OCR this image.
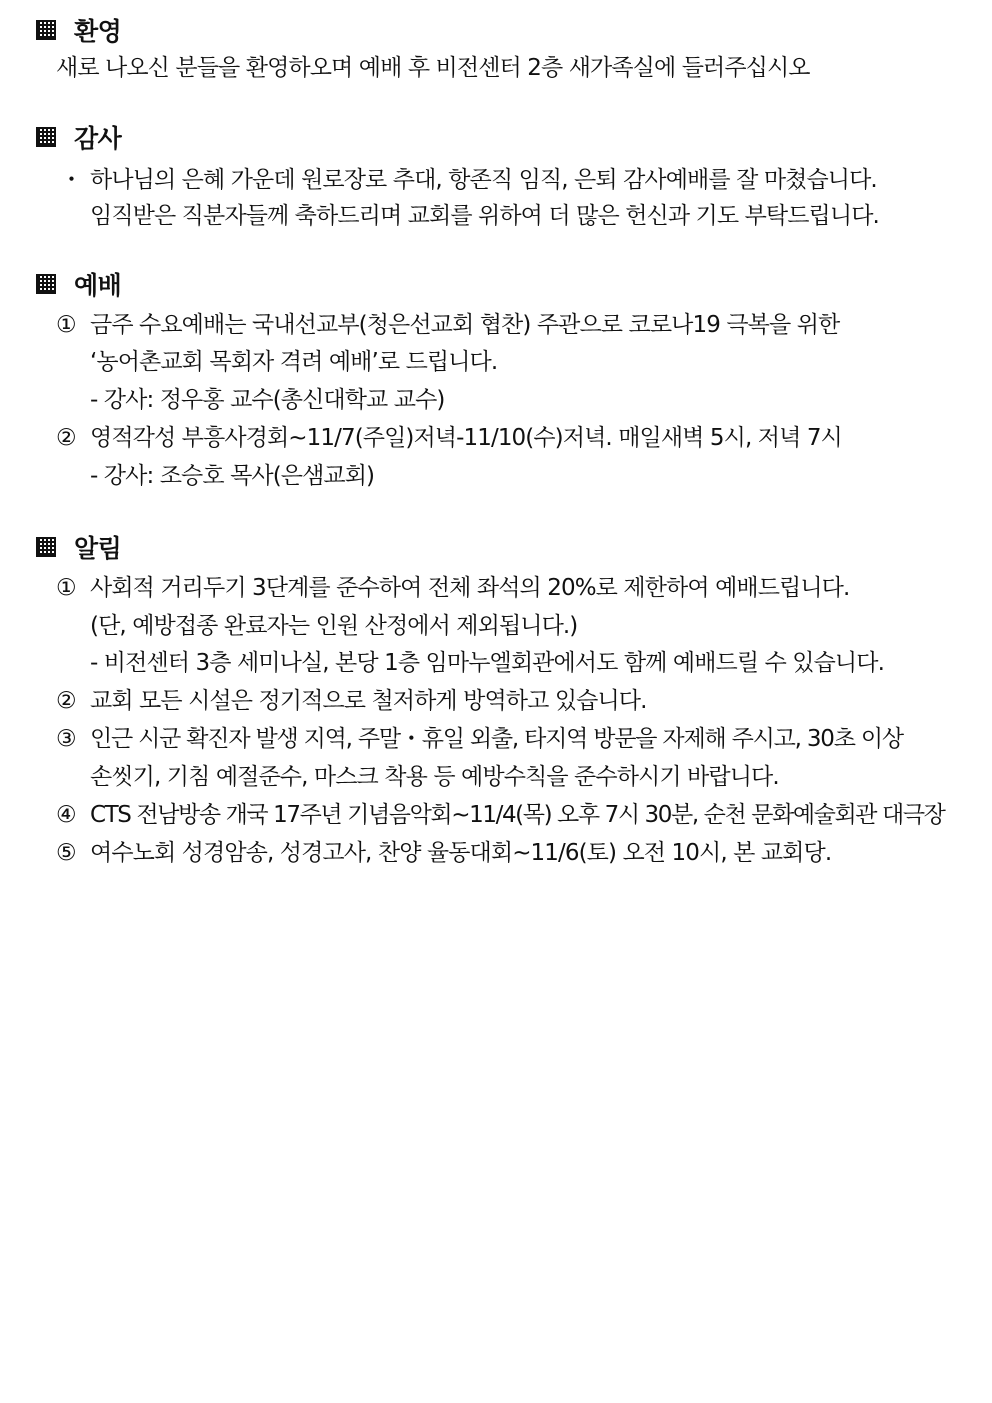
환영
새로 나오신 분들을 환영하오며 예배 후 비전센터 2층 새가족실에 들러주십시오
감사
・ 하나님의 은혜 가운데 원로장로 추대, 항존직 임직, 은퇴 감사예배를 잘 마쳤습니다.
임직받은 직분자들께 축하드리며 교회를 위하여 더 많은 헌신과 기도 부탁드립니다.
예배
① 금주 수요예배는 국내선교부(청은선교회 협찬) 주관으로 코로나19 극복을 위한
‘농어촌교회 목회자 격려 예배’로 드립니다.
- 강사: 정우홍 교수(총신대학교 교수)
② 영적각성 부흥사경회~11/7(주일)저녁-11/10(수)저녁. 매일새벽 5시, 저녁 7시
- 강사: 조승호 목사(은샘교회)
알림
① 사회적 거리두기 3단계를 준수하여 전체 좌석의 20%로 제한하여 예배드립니다.
(단, 예방접종 완료자는 인원 산정에서 제외됩니다.)
- 비전센터 3층 세미나실, 본당 1층 임마누엘회관에서도 함께 예배드릴 수 있습니다.
② 교회 모든 시설은 정기적으로 철저하게 방역하고 있습니다.
③ 인근 시군 확진자 발생 지역, 주말・휴일 외출, 타지역 방문을 자제해 주시고, 30초 이상
손씻기, 기침 예절준수, 마스크 착용 등 예방수칙을 준수하시기 바랍니다.
④ CTS 전남방송 개국 17주년 기념음악회~11/4(목) 오후 7시 30분, 순천 문화예술회관 대극장
⑤ 여수노회 성경암송, 성경고사, 찬양 율동대회~11/6(토) 오전 10시, 본 교회당.
